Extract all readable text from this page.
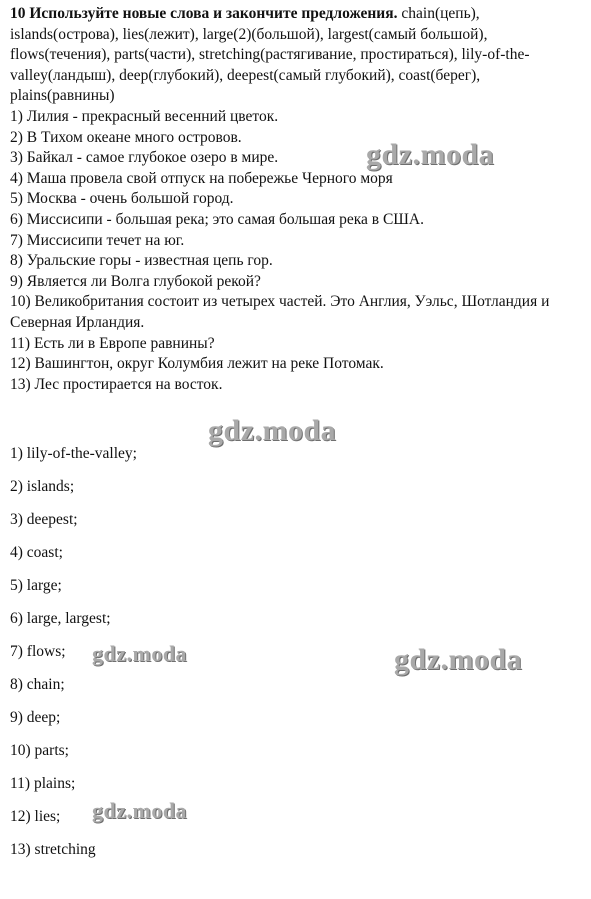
10 Используйте новые слова и закончите предложения. chain(цепь), islands(острова), lies(лежит), large(2)(большой), largest(самый большой), flows(течения), parts(части), stretching(растягивание, простираться), lily-of-the-valley(ландыш), deep(глубокий), deepest(самый глубокий), coast(берег), plains(равнины)
1) Лилия - прекрасный весенний цветок.
2) В Тихом океане много островов.
3) Байкал - самое глубокое озеро в мире.
4) Маша провела свой отпуск на побережье Черного моря
5) Москва - очень большой город.
6) Миссисипи - большая река; это самая большая река в США.
7) Миссисипи течет на юг.
8) Уральские горы - известная цепь гор.
9) Является ли Волга глубокой рекой?
10) Великобритания состоит из четырех частей. Это Англия, Уэльс, Шотландия и Северная Ирландия.
11) Есть ли в Европе равнины?
12) Вашингтон, округ Колумбия лежит на реке Потомак.
13) Лес простирается на восток.
1) lily-of-the-valley;
2) islands;
3) deepest;
4) coast;
5) large;
6) large, largest;
7) flows;
8) chain;
9) deep;
10) parts;
11) plains;
12) lies;
13) stretching
gdz.moda
gdz.moda
gdz.moda	gdz.moda
gdz.moda
